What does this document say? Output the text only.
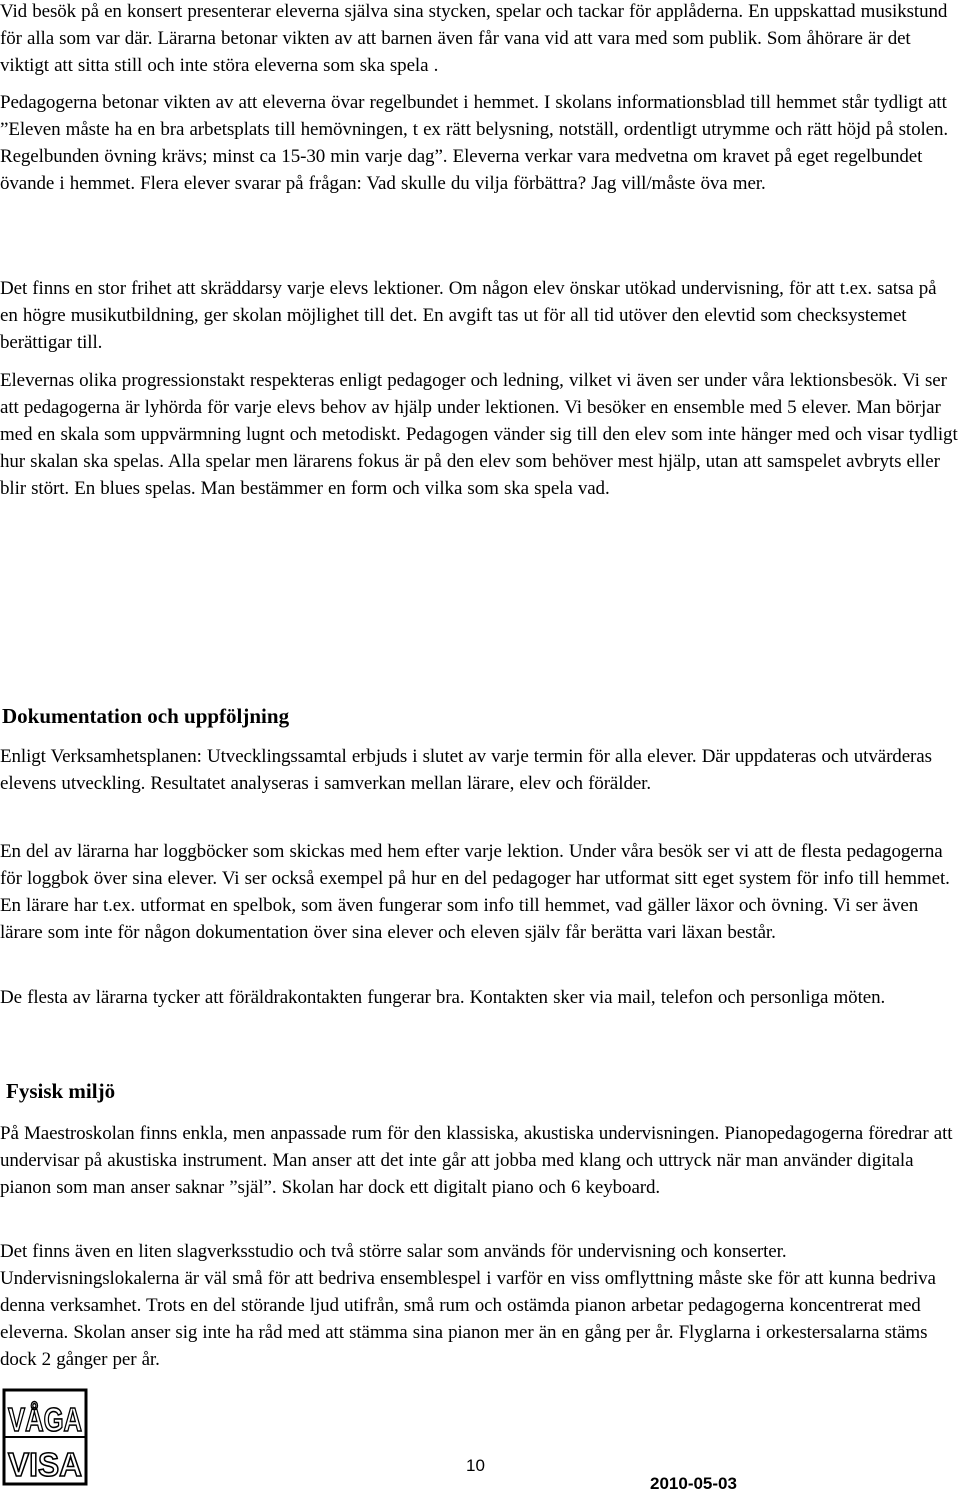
Vid besök på en konsert presenterar eleverna själva sina stycken, spelar och tackar för applåderna. En uppskattad musikstund för alla som var där. Lärarna betonar vikten av att barnen även får vana vid att vara med som publik. Som åhörare är det viktigt att sitta still och inte störa eleverna som ska spela .

Pedagogerna betonar vikten av att eleverna övar regelbundet i hemmet. I skolans informationsblad till hemmet står tydligt att ”Eleven måste ha en bra arbetsplats till hemövningen, t ex rätt belysning, notställ, ordentligt utrymme och rätt höjd på stolen. Regelbunden övning krävs; minst ca 15-30 min varje dag”. Eleverna verkar vara medvetna om kravet på eget regelbundet övande i hemmet. Flera elever svarar på frågan: Vad skulle du vilja förbättra? Jag vill/måste öva mer.

Det finns en stor frihet att skräddarsy varje elevs lektioner. Om någon elev önskar utökad undervisning, för att t.ex. satsa på en högre musikutbildning, ger skolan möjlighet till det. En avgift tas ut för all tid utöver den elevtid som checksystemet berättigar till.

Elevernas olika progressionstakt respekteras enligt pedagoger och ledning, vilket vi även ser under våra lektionsbesök. Vi ser att pedagogerna är lyhörda för varje elevs behov av hjälp under lektionen. Vi besöker en ensemble med 5 elever. Man börjar med en skala som uppvärmning lugnt och metodiskt. Pedagogen vänder sig till den elev som inte hänger med och visar tydligt hur skalan ska spelas. Alla spelar men lärarens fokus är på den elev som behöver mest hjälp, utan att samspelet avbryts eller blir stört. En blues spelas. Man bestämmer en form och vilka som ska spela vad.

Dokumentation och uppföljning

Enligt Verksamhetsplanen: Utvecklingssamtal erbjuds i slutet av varje termin för alla elever. Där uppdateras och utvärderas elevens utveckling. Resultatet analyseras i samverkan mellan lärare, elev och förälder.

En del av lärarna har loggböcker som skickas med hem efter varje lektion. Under våra besök ser vi att de flesta pedagogerna för loggbok över sina elever. Vi ser också exempel på hur en del pedagoger har utformat sitt eget system för info till hemmet. En lärare har t.ex. utformat en spelbok, som även fungerar som info till hemmet, vad gäller läxor och övning. Vi ser även lärare som inte för någon dokumentation över sina elever och eleven själv får berätta vari läxan består.

De flesta av lärarna tycker att föräldrakontakten fungerar bra. Kontakten sker via mail, telefon och personliga möten.

Fysisk miljö

På Maestroskolan finns enkla, men anpassade rum för den klassiska, akustiska undervisningen. Pianopedagogerna föredrar att undervisar på akustiska instrument. Man anser att det inte går att jobba med klang och uttryck när man använder digitala pianon som man anser saknar ”själ”. Skolan har dock ett digitalt piano och 6 keyboard.

Det finns även en liten slagverksstudio och två större salar som används för undervisning och konserter. Undervisningslokalerna är väl små för att bedriva ensemblespel i varför en viss omflyttning måste ske för att kunna bedriva denna verksamhet. Trots en del störande ljud utifrån, små rum och ostämda pianon arbetar pedagogerna koncentrerat med eleverna. Skolan anser sig inte ha råd med att stämma sina pianon mer än en gång per år. Flyglarna i orkestersalarna stäms dock 2 gånger per år.

VÅGA
VISA	10
2010-05-03
